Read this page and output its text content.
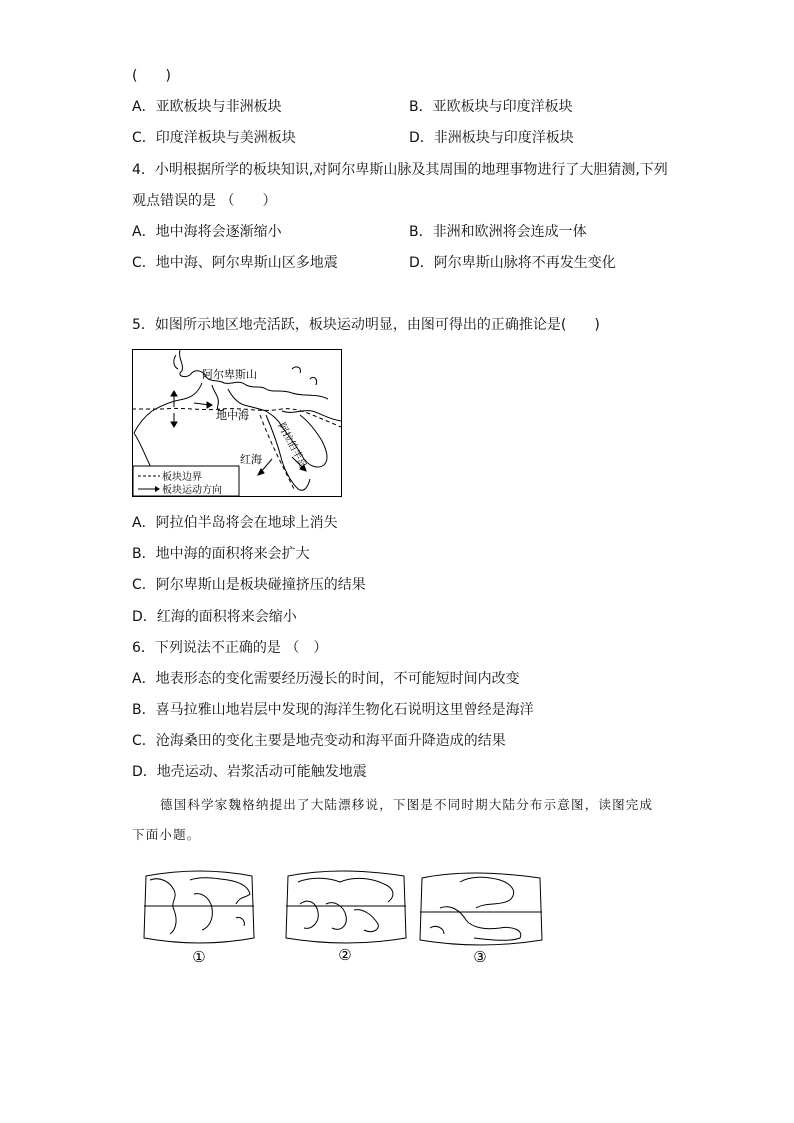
(　　)
A．亚欧板块与非洲板块	B．亚欧板块与印度洋板块
C．印度洋板块与美洲板块	D．非洲板块与印度洋板块
4．小明根据所学的板块知识,对阿尔卑斯山脉及其周围的地理事物进行了大胆猜测,下列
观点错误的是 （　　）
A．地中海将会逐渐缩小	B．非洲和欧洲将会连成一体
C．地中海、阿尔卑斯山区多地震	D．阿尔卑斯山脉将不再发生变化
5．如图所示地区地壳活跃，板块运动明显，由图可得出的正确推论是(　　)
阿尔卑斯山
地中海
红海 阿拉伯半岛
板块边界
板块运动方向
A．阿拉伯半岛将会在地球上消失
B．地中海的面积将来会扩大
C．阿尔卑斯山是板块碰撞挤压的结果
D．红海的面积将来会缩小
6．下列说法不正确的是 （　）
A．地表形态的变化需要经历漫长的时间，不可能短时间内改变
B．喜马拉雅山地岩层中发现的海洋生物化石说明这里曾经是海洋
C．沧海桑田的变化主要是地壳变动和海平面升降造成的结果
D．地壳运动、岩浆活动可能触发地震
德国科学家魏格纳提出了大陆漂移说，下图是不同时期大陆分布示意图，读图完成
下面小题。
①	②	③
